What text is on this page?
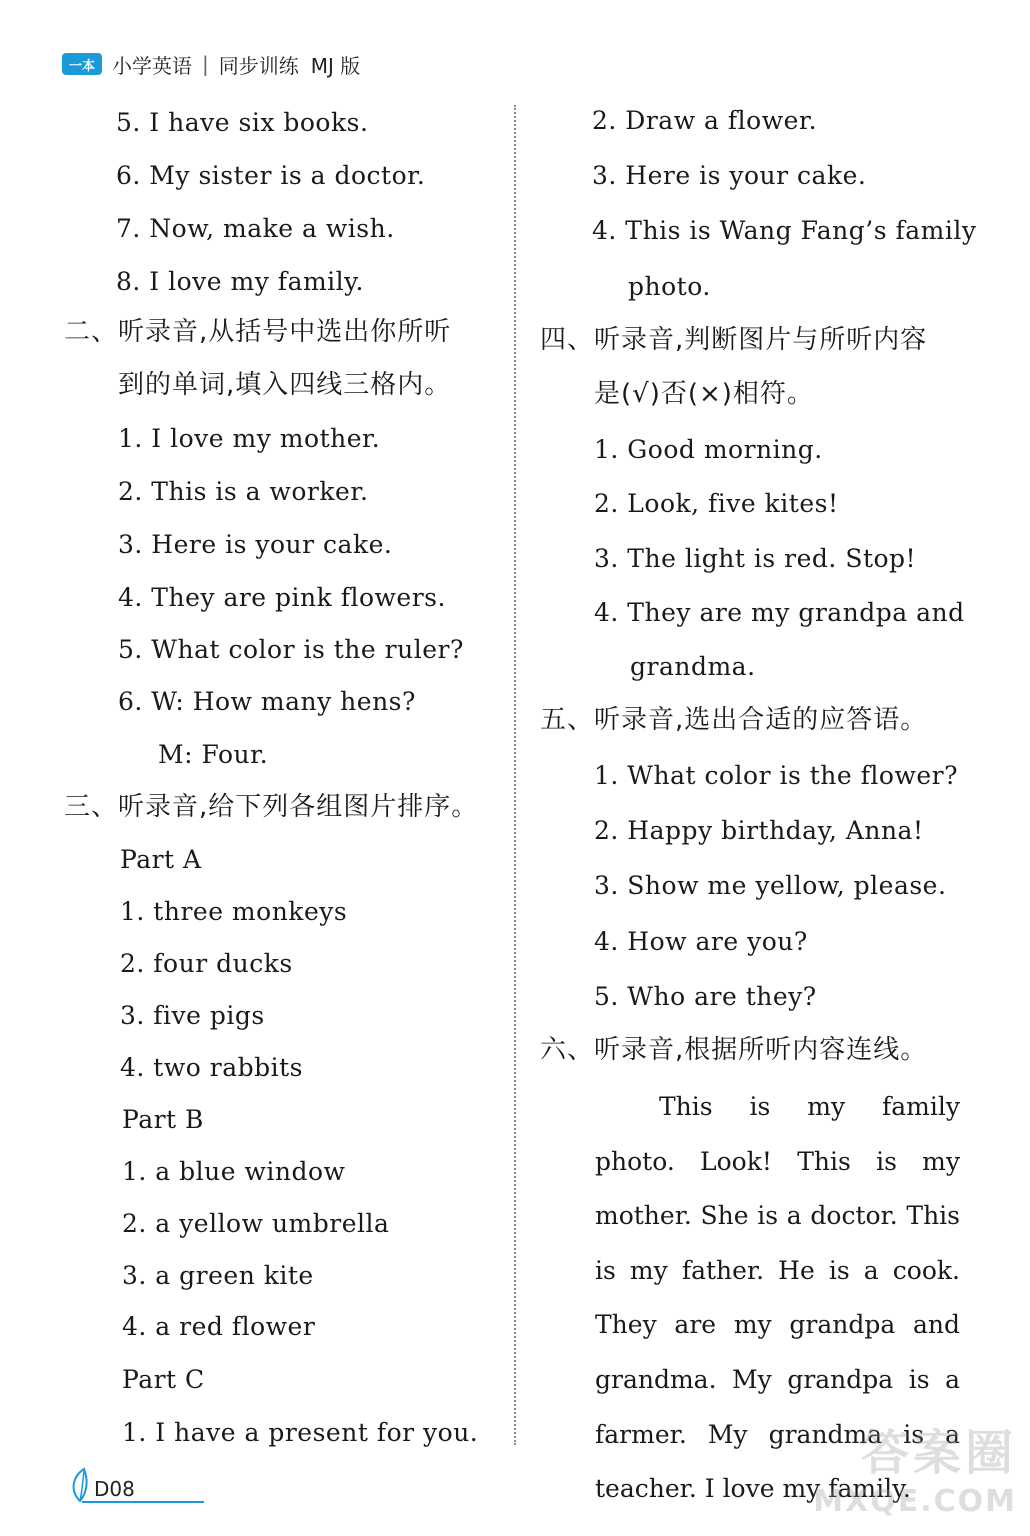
一本 小学英语 | 同步训练 MJ 版
5. I have six books.
6. My sister is a doctor.
7. Now, make a wish.
8. I love my family.
二、听录音,从括号中选出你所听
到的单词,填入四线三格内。
1. I love my mother.
2. This is a worker.
3. Here is your cake.
4. They are pink flowers.
5. What color is the ruler?
6. W: How many hens?
M: Four.
三、听录音,给下列各组图片排序。
Part A
1. three monkeys
2. four ducks
3. five pigs
4. two rabbits
Part B
1. a blue window
2. a yellow umbrella
3. a green kite
4. a red flower
Part C
1. I have a present for you.
2. Draw a flower.
3. Here is your cake.
4. This is Wang Fang’s family
photo.
四、听录音,判断图片与所听内容
是(√)否(×)相符。
1. Good morning.
2. Look, five kites!
3. The light is red. Stop!
4. They are my grandpa and
grandma.
五、听录音,选出合适的应答语。
1. What color is the flower?
2. Happy birthday, Anna!
3. Show me yellow, please.
4. How are you?
5. Who are they?
六、听录音,根据所听内容连线。
This is my family photo. Look! This is my mother. She is a doctor. This is my father. He is a cook. They are my grandpa and grandma. My grandpa is a farmer. My grandma is a teacher. I love my family.
D08
答案圈
MXQE.COM
